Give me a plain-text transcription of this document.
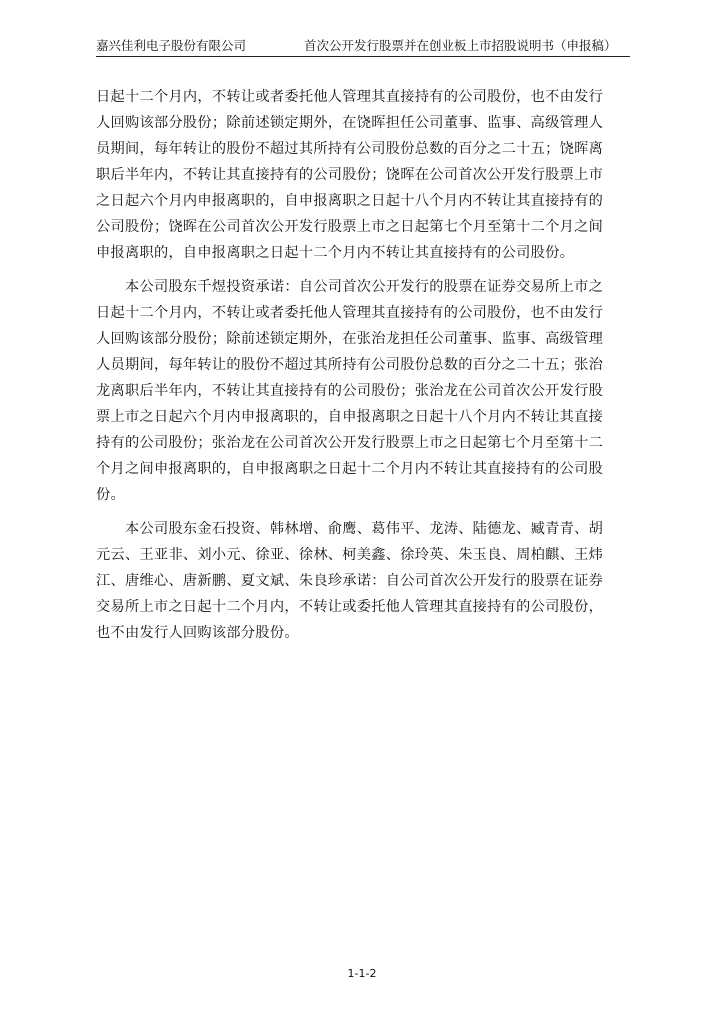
嘉兴佳利电子股份有限公司	首次公开发行股票并在创业板上市招股说明书（申报稿）

日起十二个月内，不转让或者委托他人管理其直接持有的公司股份，也不由发行

人回购该部分股份；除前述锁定期外，在饶晖担任公司董事、监事、高级管理人

员期间，每年转让的股份不超过其所持有公司股份总数的百分之二十五；饶晖离

职后半年内，不转让其直接持有的公司股份；饶晖在公司首次公开发行股票上市

之日起六个月内申报离职的，自申报离职之日起十八个月内不转让其直接持有的

公司股份；饶晖在公司首次公开发行股票上市之日起第七个月至第十二个月之间

申报离职的，自申报离职之日起十二个月内不转让其直接持有的公司股份。

　　本公司股东千煜投资承诺：自公司首次公开发行的股票在证券交易所上市之

日起十二个月内，不转让或者委托他人管理其直接持有的公司股份，也不由发行

人回购该部分股份；除前述锁定期外，在张治龙担任公司董事、监事、高级管理

人员期间，每年转让的股份不超过其所持有公司股份总数的百分之二十五；张治

龙离职后半年内，不转让其直接持有的公司股份；张治龙在公司首次公开发行股

票上市之日起六个月内申报离职的，自申报离职之日起十八个月内不转让其直接

持有的公司股份；张治龙在公司首次公开发行股票上市之日起第七个月至第十二

个月之间申报离职的，自申报离职之日起十二个月内不转让其直接持有的公司股

份。

　　本公司股东金石投资、韩林增、俞鹰、葛伟平、龙涛、陆德龙、臧青青、胡

元云、王亚非、刘小元、徐亚、徐林、柯美鑫、徐玲英、朱玉良、周柏麒、王炜

江、唐维心、唐新鹏、夏文斌、朱良珍承诺：自公司首次公开发行的股票在证券

交易所上市之日起十二个月内，不转让或委托他人管理其直接持有的公司股份，

也不由发行人回购该部分股份。

1-1-2
